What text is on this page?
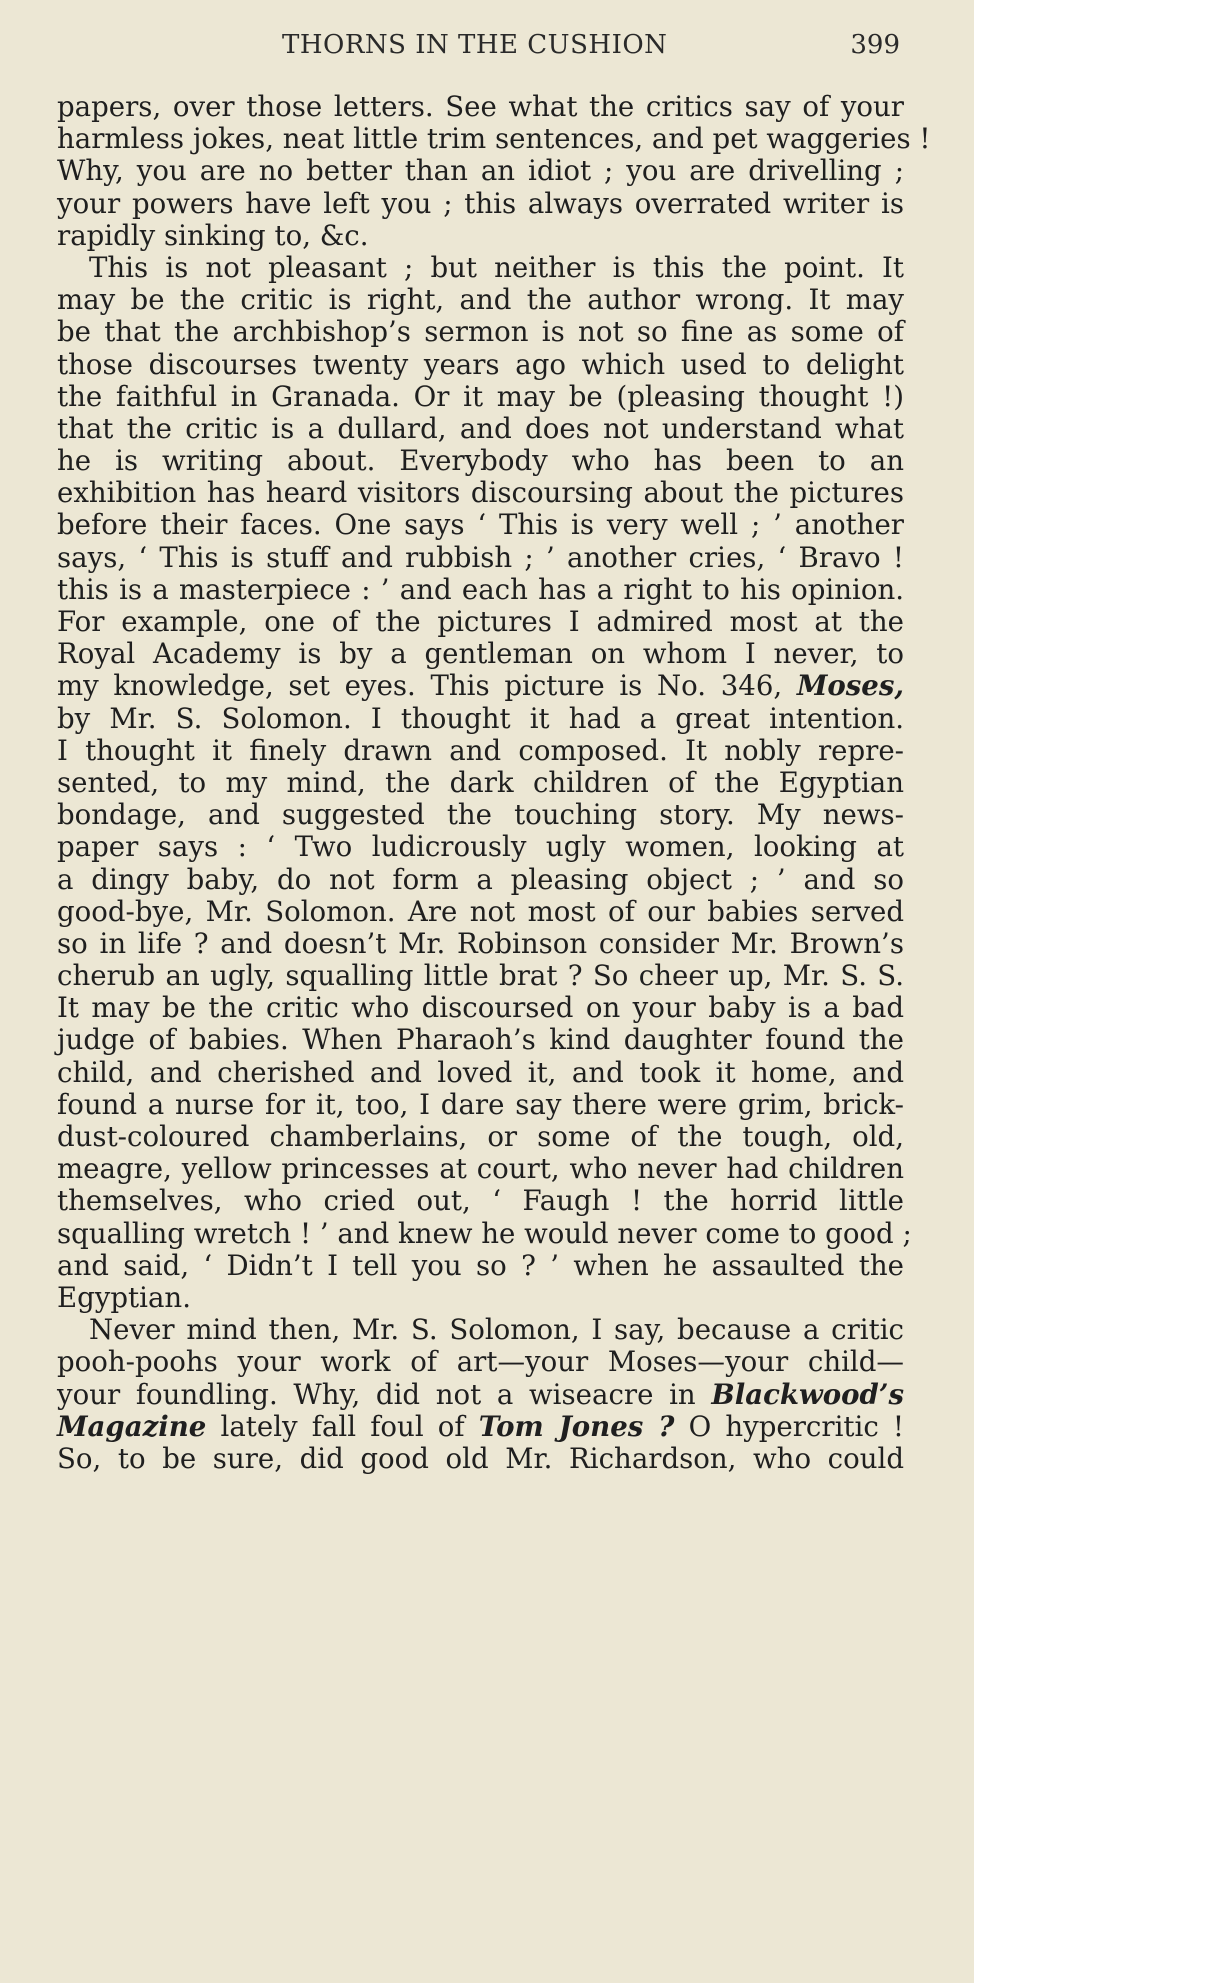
THORNS IN THE CUSHION	399
papers, over those letters. See what the critics say of your
harmless jokes, neat little trim sentences, and pet waggeries !
Why, you are no better than an idiot ; you are drivelling ;
your powers have left you ; this always overrated writer is
rapidly sinking to, &c.
This is not pleasant ; but neither is this the point. It
may be the critic is right, and the author wrong. It may
be that the archbishop’s sermon is not so fine as some of
those discourses twenty years ago which used to delight
the faithful in Granada. Or it may be (pleasing thought !)
that the critic is a dullard, and does not understand what
he is writing about. Everybody who has been to an
exhibition has heard visitors discoursing about the pictures
before their faces. One says ‘ This is very well ; ’ another
says, ‘ This is stuff and rubbish ; ’ another cries, ‘ Bravo !
this is a masterpiece : ’ and each has a right to his opinion.
For example, one of the pictures I admired most at the
Royal Academy is by a gentleman on whom I never, to
my knowledge, set eyes. This picture is No. 346, Moses,
by Mr. S. Solomon. I thought it had a great intention.
I thought it finely drawn and composed. It nobly repre-
sented, to my mind, the dark children of the Egyptian
bondage, and suggested the touching story. My news-
paper says : ‘ Two ludicrously ugly women, looking at
a dingy baby, do not form a pleasing object ; ’ and so
good-bye, Mr. Solomon. Are not most of our babies served
so in life ? and doesn’t Mr. Robinson consider Mr. Brown’s
cherub an ugly, squalling little brat ? So cheer up, Mr. S. S.
It may be the critic who discoursed on your baby is a bad
judge of babies. When Pharaoh’s kind daughter found the
child, and cherished and loved it, and took it home, and
found a nurse for it, too, I dare say there were grim, brick-
dust-coloured chamberlains, or some of the tough, old,
meagre, yellow princesses at court, who never had children
themselves, who cried out, ‘ Faugh ! the horrid little
squalling wretch ! ’ and knew he would never come to good ;
and said, ‘ Didn’t I tell you so ? ’ when he assaulted the
Egyptian.
Never mind then, Mr. S. Solomon, I say, because a critic
pooh-poohs your work of art—your Moses—your child—
your foundling. Why, did not a wiseacre in Blackwood’s
Magazine lately fall foul of Tom Jones ? O hypercritic !
So, to be sure, did good old Mr. Richardson, who could
